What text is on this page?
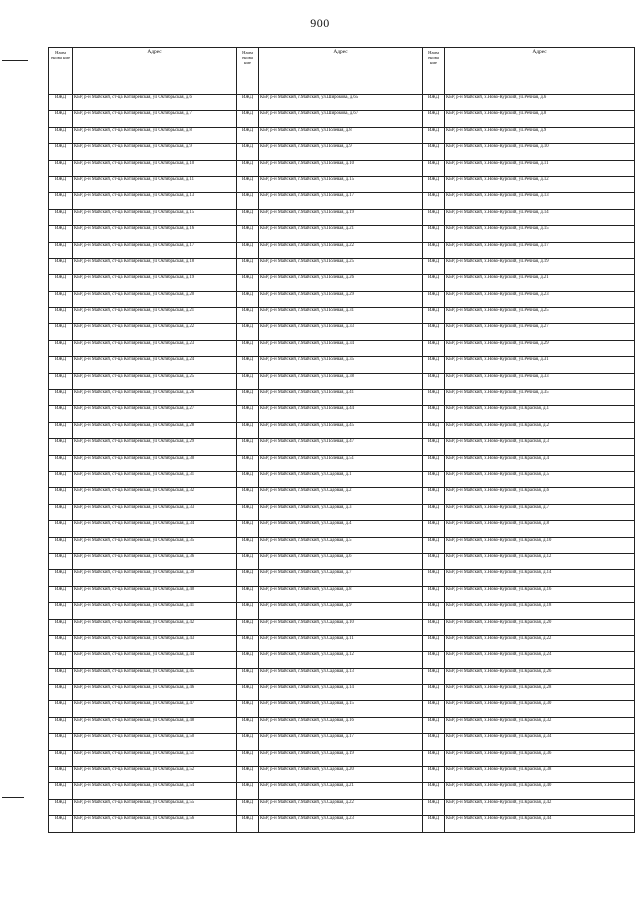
900
Наим енова ние	Адрес	Наим енова ние	Адрес	Наим енова ние	Адрес
ИЖД	КБР, р-н Майский, ст-ца Котляревская, ул Октябрьская, д.6	ИЖД	КБР, р-н Майский, г.Майский, ул.Широкова, д.65	ИЖД	КБР, р-н Майский, х.Ново-Курский, ул.Речная, д.6
ИЖД	КБР, р-н Майский, ст-ца Котляревская, ул Октябрьская, д.7	ИЖД	КБР, р-н Майский, г.Майский, ул.Широкова, д.67	ИЖД	КБР, р-н Майский, х.Ново-Курский, ул.Речная, д.8
ИЖД	КБР, р-н Майский, ст-ца Котляревская, ул Октябрьская, д.8	ИЖД	КБР, р-н Майский, г.Майский, ул.Полевая, д.8	ИЖД	КБР, р-н Майский, х.Ново-Курский, ул.Речная, д.9
ИЖД	КБР, р-н Майский, ст-ца Котляревская, ул Октябрьская, д.9	ИЖД	КБР, р-н Майский, г.Майский, ул.Полевая, д.9	ИЖД	КБР, р-н Майский, х.Ново-Курский, ул.Речная, д.10
ИЖД	КБР, р-н Майский, ст-ца Котляревская, ул Октябрьская, д.10	ИЖД	КБР, р-н Майский, г.Майский, ул.Полевая, д.10	ИЖД	КБР, р-н Майский, х.Ново-Курский, ул.Речная, д.11
ИЖД	КБР, р-н Майский, ст-ца Котляревская, ул Октябрьская, д.11	ИЖД	КБР, р-н Майский, г.Майский, ул.Полевая, д.15	ИЖД	КБР, р-н Майский, х.Ново-Курский, ул.Речная, д.12
ИЖД	КБР, р-н Майский, ст-ца Котляревская, ул Октябрьская, д.13	ИЖД	КБР, р-н Майский, г.Майский, ул.Полевая, д.17	ИЖД	КБР, р-н Майский, х.Ново-Курский, ул.Речная, д.13
ИЖД	КБР, р-н Майский, ст-ца Котляревская, ул Октябрьская, д.15	ИЖД	КБР, р-н Майский, г.Майский, ул.Полевая, д.19	ИЖД	КБР, р-н Майский, х.Ново-Курский, ул.Речная, д.14
ИЖД	КБР, р-н Майский, ст-ца Котляревская, ул Октябрьская, д.16	ИЖД	КБР, р-н Майский, г.Майский, ул.Полевая, д.21	ИЖД	КБР, р-н Майский, х.Ново-Курский, ул.Речная, д.15
ИЖД	КБР, р-н Майский, ст-ца Котляревская, ул Октябрьская, д.17	ИЖД	КБР, р-н Майский, г.Майский, ул.Полевая, д.22	ИЖД	КБР, р-н Майский, х.Ново-Курский, ул.Речная, д.17
ИЖД	КБР, р-н Майский, ст-ца Котляревская, ул Октябрьская, д.18	ИЖД	КБР, р-н Майский, г.Майский, ул.Полевая, д.25	ИЖД	КБР, р-н Майский, х.Ново-Курский, ул.Речная, д.19
ИЖД	КБР, р-н Майский, ст-ца Котляревская, ул Октябрьская, д.19	ИЖД	КБР, р-н Майский, г.Майский, ул.Полевая, д.26	ИЖД	КБР, р-н Майский, х.Ново-Курский, ул.Речная, д.21
ИЖД	КБР, р-н Майский, ст-ца Котляревская, ул Октябрьская, д.20	ИЖД	КБР, р-н Майский, г.Майский, ул.Полевая, д.29	ИЖД	КБР, р-н Майский, х.Ново-Курский, ул.Речная, д.23
ИЖД	КБР, р-н Майский, ст-ца Котляревская, ул Октябрьская, д.21	ИЖД	КБР, р-н Майский, г.Майский, ул.Полевая, д.31	ИЖД	КБР, р-н Майский, х.Ново-Курский, ул.Речная, д.25
ИЖД	КБР, р-н Майский, ст-ца Котляревская, ул Октябрьская, д.22	ИЖД	КБР, р-н Майский, г.Майский, ул.Полевая, д.33	ИЖД	КБР, р-н Майский, х.Ново-Курский, ул.Речная, д.27
ИЖД	КБР, р-н Майский, ст-ца Котляревская, ул Октябрьская, д.23	ИЖД	КБР, р-н Майский, г.Майский, ул.Полевая, д.34	ИЖД	КБР, р-н Майский, х.Ново-Курский, ул.Речная, д.29
ИЖД	КБР, р-н Майский, ст-ца Котляревская, ул Октябрьская, д.24	ИЖД	КБР, р-н Майский, г.Майский, ул.Полевая, д.35	ИЖД	КБР, р-н Майский, х.Ново-Курский, ул.Речная, д.31
ИЖД	КБР, р-н Майский, ст-ца Котляревская, ул Октябрьская, д.25	ИЖД	КБР, р-н Майский, г.Майский, ул.Полевая, д.38	ИЖД	КБР, р-н Майский, х.Ново-Курский, ул.Речная, д.33
ИЖД	КБР, р-н Майский, ст-ца Котляревская, ул Октябрьская, д.26	ИЖД	КБР, р-н Майский, г.Майский, ул.Полевая, д.41	ИЖД	КБР, р-н Майский, х.Ново-Курский, ул.Речная, д.35
ИЖД	КБР, р-н Майский, ст-ца Котляревская, ул Октябрьская, д.27	ИЖД	КБР, р-н Майский, г.Майский, ул.Полевая, д.44	ИЖД	КБР, р-н Майский, х.Ново-Курский, ул.Красная, д.1
ИЖД	КБР, р-н Майский, ст-ца Котляревская, ул Октябрьская, д.28	ИЖД	КБР, р-н Майский, г.Майский, ул.Полевая, д.45	ИЖД	КБР, р-н Майский, х.Ново-Курский, ул.Красная, д.2
ИЖД	КБР, р-н Майский, ст-ца Котляревская, ул Октябрьская, д.29	ИЖД	КБР, р-н Майский, г.Майский, ул.Полевая, д.47	ИЖД	КБР, р-н Майский, х.Ново-Курский, ул.Красная, д.3
ИЖД	КБР, р-н Майский, ст-ца Котляревская, ул Октябрьская, д.30	ИЖД	КБР, р-н Майский, г.Майский, ул.Полевая, д.51	ИЖД	КБР, р-н Майский, х.Ново-Курский, ул.Красная, д.4
ИЖД	КБР, р-н Майский, ст-ца Котляревская, ул Октябрьская, д.31	ИЖД	КБР, р-н Майский, г.Майский, ул.Садовая, д.1	ИЖД	КБР, р-н Майский, х.Ново-Курский, ул.Красная, д.5
ИЖД	КБР, р-н Майский, ст-ца Котляревская, ул Октябрьская, д.32	ИЖД	КБР, р-н Майский, г.Майский, ул.Садовая, д.2	ИЖД	КБР, р-н Майский, х.Ново-Курский, ул.Красная, д.6
ИЖД	КБР, р-н Майский, ст-ца Котляревская, ул Октябрьская, д.33	ИЖД	КБР, р-н Майский, г.Майский, ул.Садовая, д.3	ИЖД	КБР, р-н Майский, х.Ново-Курский, ул.Красная, д.7
ИЖД	КБР, р-н Майский, ст-ца Котляревская, ул Октябрьская, д.34	ИЖД	КБР, р-н Майский, г.Майский, ул.Садовая, д.4	ИЖД	КБР, р-н Майский, х.Ново-Курский, ул.Красная, д.8
ИЖД	КБР, р-н Майский, ст-ца Котляревская, ул Октябрьская, д.35	ИЖД	КБР, р-н Майский, г.Майский, ул.Садовая, д.5	ИЖД	КБР, р-н Майский, х.Ново-Курский, ул.Красная, д.10
ИЖД	КБР, р-н Майский, ст-ца Котляревская, ул Октябрьская, д.36	ИЖД	КБР, р-н Майский, г.Майский, ул.Садовая, д.6	ИЖД	КБР, р-н Майский, х.Ново-Курский, ул.Красная, д.12
ИЖД	КБР, р-н Майский, ст-ца Котляревская, ул Октябрьская, д.39	ИЖД	КБР, р-н Майский, г.Майский, ул.Садовая, д.7	ИЖД	КБР, р-н Майский, х.Ново-Курский, ул.Красная, д.14
ИЖД	КБР, р-н Майский, ст-ца Котляревская, ул Октябрьская, д.40	ИЖД	КБР, р-н Майский, г.Майский, ул.Садовая, д.8	ИЖД	КБР, р-н Майский, х.Ново-Курский, ул.Красная, д.16
ИЖД	КБР, р-н Майский, ст-ца Котляревская, ул Октябрьская, д.41	ИЖД	КБР, р-н Майский, г.Майский, ул.Садовая, д.9	ИЖД	КБР, р-н Майский, х.Ново-Курский, ул.Красная, д.18
ИЖД	КБР, р-н Майский, ст-ца Котляревская, ул Октябрьская, д.42	ИЖД	КБР, р-н Майский, г.Майский, ул.Садовая, д.10	ИЖД	КБР, р-н Майский, х.Ново-Курский, ул.Красная, д.20
ИЖД	КБР, р-н Майский, ст-ца Котляревская, ул Октябрьская, д.43	ИЖД	КБР, р-н Майский, г.Майский, ул.Садовая, д.11	ИЖД	КБР, р-н Майский, х.Ново-Курский, ул.Красная, д.22
ИЖД	КБР, р-н Майский, ст-ца Котляревская, ул Октябрьская, д.44	ИЖД	КБР, р-н Майский, г.Майский, ул.Садовая, д.12	ИЖД	КБР, р-н Майский, х.Ново-Курский, ул.Красная, д.24
ИЖД	КБР, р-н Майский, ст-ца Котляревская, ул Октябрьская, д.45	ИЖД	КБР, р-н Майский, г.Майский, ул.Садовая, д.13	ИЖД	КБР, р-н Майский, х.Ново-Курский, ул.Красная, д.26
ИЖД	КБР, р-н Майский, ст-ца Котляревская, ул Октябрьская, д.46	ИЖД	КБР, р-н Майский, г.Майский, ул.Садовая, д.14	ИЖД	КБР, р-н Майский, х.Ново-Курский, ул.Красная, д.28
ИЖД	КБР, р-н Майский, ст-ца Котляревская, ул Октябрьская, д.47	ИЖД	КБР, р-н Майский, г.Майский, ул.Садовая, д.15	ИЖД	КБР, р-н Майский, х.Ново-Курский, ул.Красная, д.30
ИЖД	КБР, р-н Майский, ст-ца Котляревская, ул Октябрьская, д.48	ИЖД	КБР, р-н Майский, г.Майский, ул.Садовая, д.16	ИЖД	КБР, р-н Майский, х.Ново-Курский, ул.Красная, д.32
ИЖД	КБР, р-н Майский, ст-ца Котляревская, ул Октябрьская, д.50	ИЖД	КБР, р-н Майский, г.Майский, ул.Садовая, д.17	ИЖД	КБР, р-н Майский, х.Ново-Курский, ул.Красная, д.34
ИЖД	КБР, р-н Майский, ст-ца Котляревская, ул Октябрьская, д.51	ИЖД	КБР, р-н Майский, г.Майский, ул.Садовая, д.19	ИЖД	КБР, р-н Майский, х.Ново-Курский, ул.Красная, д.36
ИЖД	КБР, р-н Майский, ст-ца Котляревская, ул Октябрьская, д.52	ИЖД	КБР, р-н Майский, г.Майский, ул.Садовая, д.20	ИЖД	КБР, р-н Майский, х.Ново-Курский, ул.Красная, д.38
ИЖД	КБР, р-н Майский, ст-ца Котляревская, ул Октябрьская, д.54	ИЖД	КБР, р-н Майский, г.Майский, ул.Садовая, д.21	ИЖД	КБР, р-н Майский, х.Ново-Курский, ул.Красная, д.40
ИЖД	КБР, р-н Майский, ст-ца Котляревская, ул Октябрьская, д.55	ИЖД	КБР, р-н Майский, г.Майский, ул.Садовая, д.22	ИЖД	КБР, р-н Майский, х.Ново-Курский, ул.Красная, д.42
ИЖД	КБР, р-н Майский, ст-ца Котляревская, ул Октябрьская, д.56	ИЖД	КБР, р-н Майский, г.Майский, ул.Садовая, д.23	ИЖД	КБР, р-н Майский, х.Ново-Курский, ул.Красная, д.44
